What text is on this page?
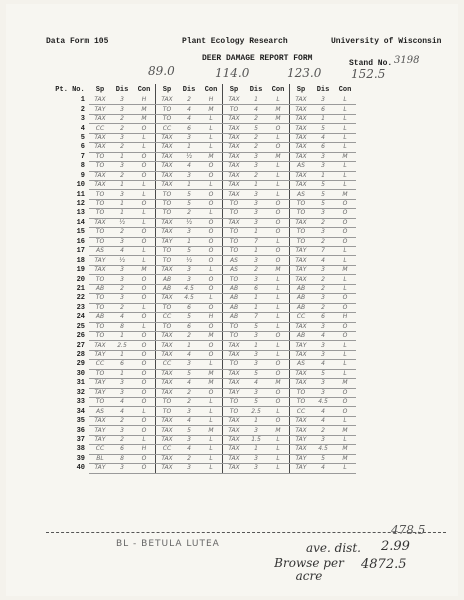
Data Form 105	Plant Ecology Research	University of Wisconsin
DEER DAMAGE REPORT FORM
Stand No. 3198
89.0	114.0	123.0 152.5
Pt. No.	Sp	Dis	Con	Sp	Dis	Con	Sp	Dis	Con	Sp	Dis	Con
1	TAX	3	H	TAX	2	H	TAX	1	L	TAX	3	L
2	TAY	3	M	TO	4	M	TO	4	M	TAX	6	L
3	TAX	2	M	TO	4	L	TAX	2	M	TAX	1	L
4	CC	2	O	CC	6	L	TAX	5	O	TAX	5	L
5	TAX	3	L	TAX	3	L	TAX	2	L	TAX	4	L
6	TAX	2	L	TAX	1	L	TAX	2	O	TAX	6	L
7	TO	1	O	TAX	½	M	TAX	3	M	TAX	3	M
8	TO	3	O	TAX	4	O	TAX	3	L	AS	3	L
9	TAX	2	O	TAX	3	O	TAX	2	L	TAX	1	L
10	TAX	1	L	TAX	1	L	TAX	1	L	TAX	5	L
11	TO	3	L	TO	5	O	TAX	3	L	AS	5	M
12	TO	1	O	TO	5	O	TO	3	O	TO	5	O
13	TO	1	L	TO	2	L	TO	3	O	TO	3	O
14	TAX	½	L	TAX	½	O	TAX	3	O	TAX	2	O
15	TO	2	O	TAX	3	O	TO	1	O	TO	3	O
16	TO	3	O	TAY	1	O	TO	7	L	TO	2	O
17	AS	4	L	TO	5	O	TO	1	O	TAY	7	L
18	TAY	½	L	TO	½	O	AS	3	O	TAX	4	L
19	TAX	3	M	TAX	3	L	AS	2	M	TAY	3	M
20	TO	3	O	AB	3	O	TO	3	L	TAX	2	L
21	AB	2	O	AB	4.5	O	AB	6	L	AB	2	L
22	TO	3	O	TAX	4.5	L	AB	1	L	AB	3	O
23	TO	2	L	TO	6	O	AB	1	L	AB	2	O
24	AB	4	O	CC	5	H	AB	7	L	CC	6	H
25	TO	8	L	TO	6	O	TO	5	L	TAX	3	O
26	TO	1	O	TAX	2	M	TO	3	O	AB	4	O
27	TAX	2.5	O	TAX	1	O	TAX	1	L	TAY	3	L
28	TAY	1	O	TAX	4	O	TAX	3	L	TAX	3	L
29	CC	6	O	CC	3	L	TO	3	O	AS	4	L
30	TO	1	O	TAX	5	M	TAX	5	O	TAX	5	L
31	TAY	3	O	TAX	4	M	TAX	4	M	TAX	3	M
32	TAY	3	O	TAX	2	O	TAY	3	O	TO	3	O
33	TO	4	O	TO	2	L	TO	5	O	TO	4.5	O
34	AS	4	L	TO	3	L	TO	2.5	L	CC	4	O
35	TAX	2	O	TAX	4	L	TAX	1	O	TAX	4	L
36	TAY	3	O	TAX	5	M	TAX	3	M	TAX	2	M
37	TAY	2	L	TAX	3	L	TAX	1.5	L	TAY	3	L
38	CC	6	H	CC	4	L	TAX	1	L	TAX	4.5	M
39	BL	8	O	TAX	2	L	TAX	3	L	TAY	5	M
40	TAY	3	O	TAX	3	L	TAX	3	L	TAY	4	L
BL - BETULA LUTEA
478.5
ave. dist. 2.99
Browse per acre
4872.5
